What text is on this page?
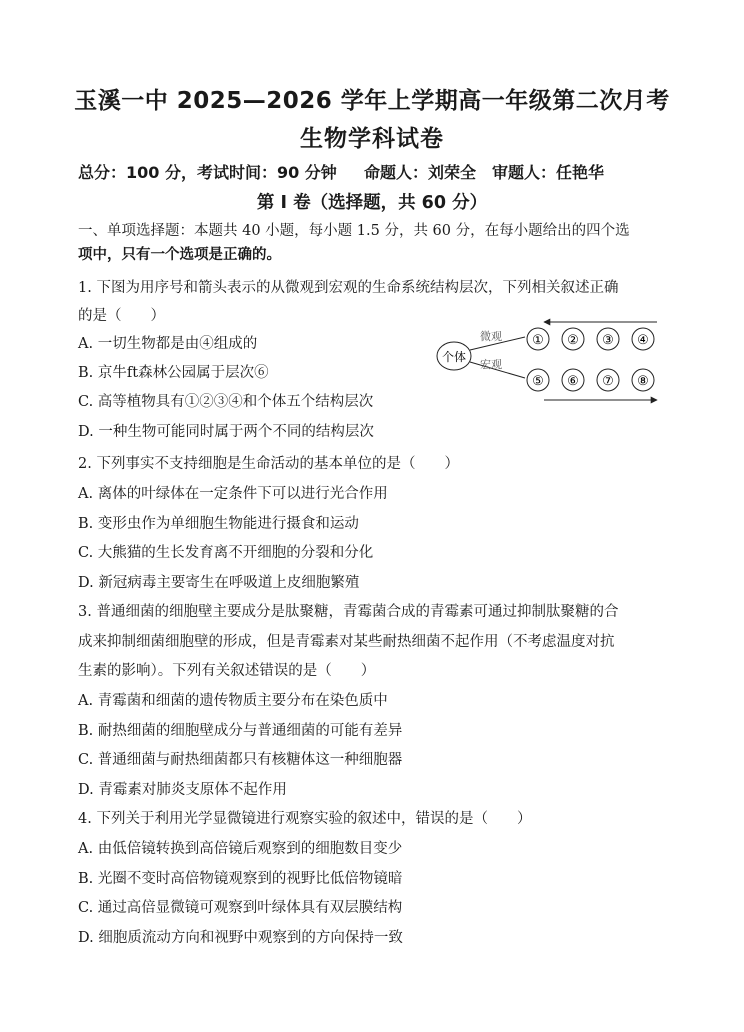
玉溪一中 2025—2026 学年上学期高一年级第二次月考
生物学科试卷
总分：100 分，考试时间：90 分钟　  命题人：刘荣全　审题人：任艳华
第 Ⅰ 卷（选择题，共 60 分）
一、单项选择题：本题共 40 小题，每小题 1.5 分，共 60 分，在每小题给出的四个选
项中，只有一个选项是正确的。
1. 下图为用序号和箭头表示的从微观到宏观的生命系统结构层次，下列相关叙述正确
的是（　　）
A. 一切生物都是由④组成的
B. 京牛ft森林公园属于层次⑥
C. 高等植物具有①②③④和个体五个结构层次
D. 一种生物可能同时属于两个不同的结构层次
个体
微观
宏观
① ② ③ ④
⑤ ⑥ ⑦ ⑧
2. 下列事实不支持细胞是生命活动的基本单位的是（　　）
A. 离体的叶绿体在一定条件下可以进行光合作用
B. 变形虫作为单细胞生物能进行摄食和运动
C. 大熊猫的生长发育离不开细胞的分裂和分化
D. 新冠病毒主要寄生在呼吸道上皮细胞繁殖
3. 普通细菌的细胞壁主要成分是肽聚糖，青霉菌合成的青霉素可通过抑制肽聚糖的合
成来抑制细菌细胞壁的形成，但是青霉素对某些耐热细菌不起作用（不考虑温度对抗
生素的影响）。下列有关叙述错误的是（　　）
A. 青霉菌和细菌的遗传物质主要分布在染色质中
B. 耐热细菌的细胞壁成分与普通细菌的可能有差异
C. 普通细菌与耐热细菌都只有核糖体这一种细胞器
D. 青霉素对肺炎支原体不起作用
4. 下列关于利用光学显微镜进行观察实验的叙述中，错误的是（　　）
A. 由低倍镜转换到高倍镜后观察到的细胞数目变少
B. 光圈不变时高倍物镜观察到的视野比低倍物镜暗
C. 通过高倍显微镜可观察到叶绿体具有双层膜结构
D. 细胞质流动方向和视野中观察到的方向保持一致
